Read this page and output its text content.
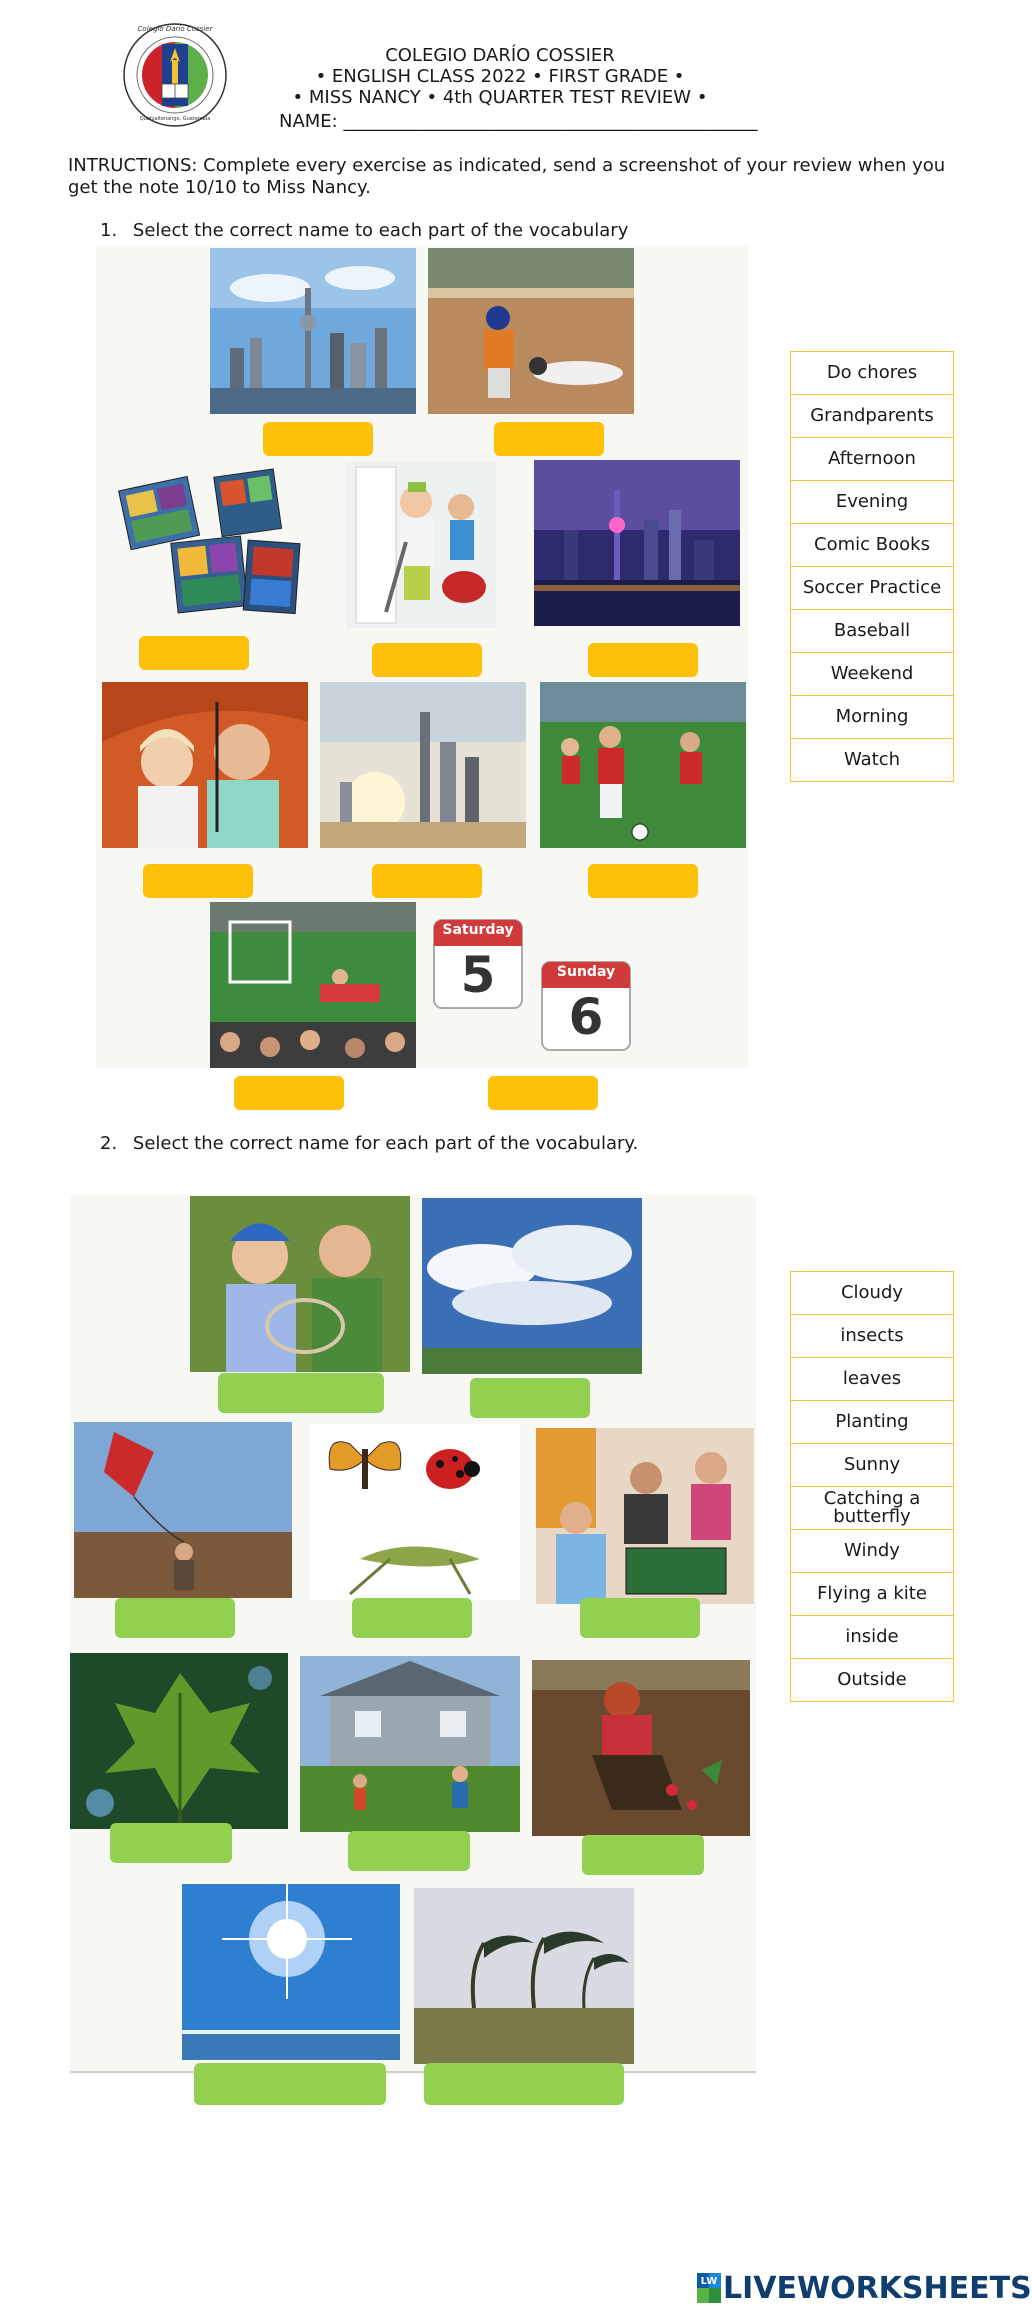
Colegio Darío Cossier
Quetzaltenango, Guatemala
COLEGIO DARÍO COSSIER
• ENGLISH CLASS 2022 • FIRST GRADE •
• MISS NANCY • 4th QUARTER TEST REVIEW •
NAME: ______________________________________________
INTRUCTIONS: Complete every exercise as indicated, send a screenshot of your review when you get the note 10/10 to Miss Nancy.
1. Select the correct name to each part of the vocabulary
Saturday
5	Sunday
6
Do chores
Grandparents
Afternoon
Evening
Comic Books
Soccer Practice
Baseball
Weekend
Morning
Watch
2. Select the correct name for each part of the vocabulary.
Cloudy
insects
leaves
Planting
Sunny
Catching a butterfly
Windy
Flying a kite
inside
Outside
LIVEWORKSHEETS
LW
